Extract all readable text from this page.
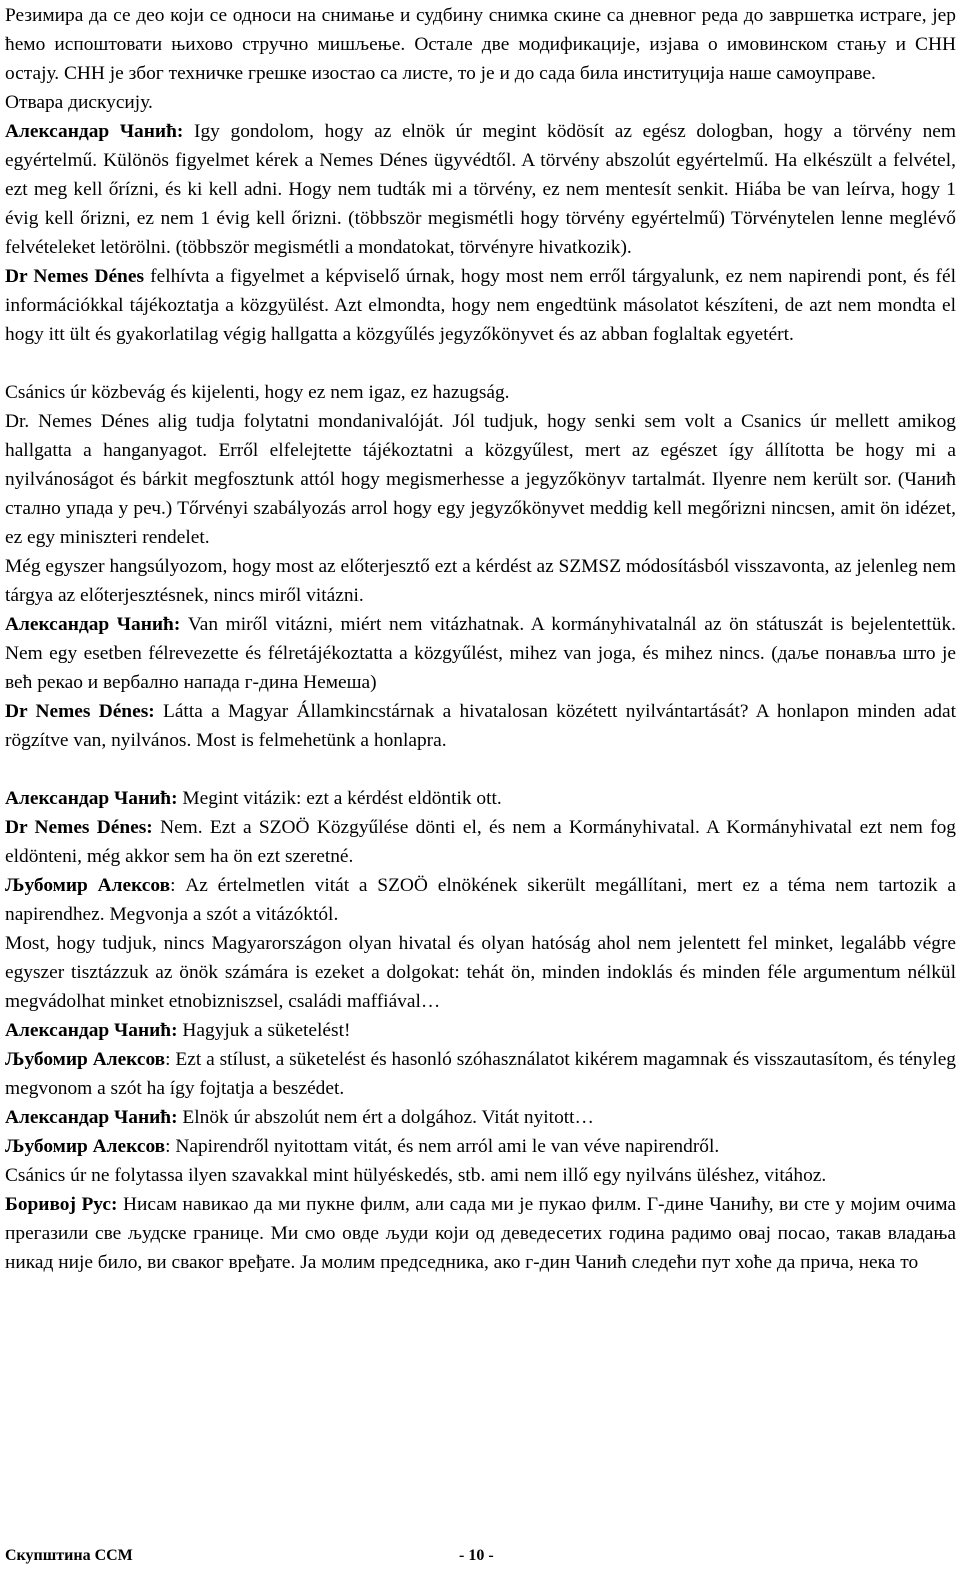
Резимира да се део који се односи на снимање и судбину снимка скине са дневног реда до завршетка истраге, јер ћемо испоштовати њихово стручно мишљење. Остале две модификације, изјава о имовинском стању и СНН остају. СНН је због техничке грешке изостао са листе, то је и до сада била институција наше самоуправе.

Отвара дискусију.

Александар Чанић: Igy gondolom, hogy az elnök úr megint ködösít az egész dologban, hogy a törvény nem egyértelmű. Különös figyelmet kérek a Nemes Dénes ügyvédtől. A törvény abszolút egyértelmű. Ha elkészült a felvétel, ezt meg kell őrízni, és ki kell adni. Hogy nem tudták mi a törvény, ez nem mentesít senkit. Hiába be van leírva, hogy 1 évig kell őrizni, ez nem 1 évig kell őrizni. (többször megismétli hogy törvény egyértelmű) Törvénytelen lenne meglévő felvételeket letörölni. (többször megismétli a mondatokat, törvényre hivatkozik).

Dr Nemes Dénes felhívta a figyelmet a képviselő úrnak, hogy most nem erről tárgyalunk, ez nem napirendi pont, és fél információkkal tájékoztatja a közgyülést. Azt elmondta, hogy nem engedtünk másolatot készíteni, de azt nem mondta el hogy itt ült és gyakorlatilag végig hallgatta a közgyűlés jegyzőkönyvet és az abban foglaltak egyetért.

Csánics úr közbevág és kijelenti, hogy ez nem igaz, ez hazugság.

Dr. Nemes Dénes alig tudja folytatni mondanivalóját. Jól tudjuk, hogy senki sem volt a Csanics úr mellett amikog hallgatta a hanganyagot. Erről elfelejtette tájékoztatni a közgyűlest, mert az egészet így állította be hogy mi a nyilvánoságot és bárkit megfosztunk attól hogy megismerhesse a jegyzőkönyv tartalmát. Ilyenre nem került sor. (Чанић стално упада у реч.) Tőrvényi szabályozás arrol hogy egy jegyzőkönyvet meddig kell megőrizni nincsen, amit ön idézet, ez egy miniszteri rendelet.

Még egyszer hangsúlyozom, hogy most az előterjesztő ezt a kérdést az SZMSZ módosításból visszavonta, az jelenleg nem tárgya az előterjesztésnek, nincs miről vitázni.

Александар Чанић: Van miről vitázni, miért nem vitázhatnak. A kormányhivatalnál az ön státuszát is bejelentettük. Nem egy esetben félrevezette és félretájékoztatta a közgyűlést, mihez van joga, és mihez nincs. (даље понавља што је већ рекао и вербално напада г-дина Немеша)

Dr Nemes Dénes: Látta a Magyar Államkincstárnak a hivatalosan közétett nyilvántartását? A honlapon minden adat rögzítve van, nyilvános. Most is felmehetünk a honlapra.

Александар Чанић: Megint vitázik: ezt a kérdést eldöntik ott.

Dr Nemes Dénes: Nem. Ezt a SZOÖ Közgyűlése dönti el, és nem a Kormányhivatal. A Kormányhivatal ezt nem fog eldönteni, még akkor sem ha ön ezt szeretné.

Љубомир Алексов: Az értelmetlen vitát a SZOÖ elnökének sikerült megállítani, mert ez a téma nem tartozik a napirendhez. Megvonja a szót a vitázóktól.

Most, hogy tudjuk, nincs Magyarországon olyan hivatal és olyan hatóság ahol nem jelentett fel minket, legalább végre egyszer tisztázzuk az önök számára is ezeket a dolgokat: tehát ön, minden indoklás és minden féle argumentum nélkül megvádolhat minket etnobizniszsel, családi maffiával…

Александар Чанић: Hagyjuk a süketelést!

Љубомир Алексов: Ezt a stílust, a süketelést és hasonló szóhasználatot kikérem magamnak és visszautasítom, és tényleg megvonom a szót ha így fojtatja a beszédet.

Александар Чанић: Elnök úr abszolút nem ért a dolgához. Vitát nyitott…

Љубомир Алексов: Napirendről nyitottam vitát, és nem arról ami le van véve napirendről.

Csánics úr ne folytassa ilyen szavakkal mint hülyéskedés, stb. ami nem illő egy nyilváns üléshez, vitához.

Боривој Рус: Нисам навикао да ми пукне филм, али сада ми је пукао филм. Г-дине Чанићу, ви сте у мојим очима прегазили све људске границе. Ми смо овде људи који од деведесетих година радимо овај посао, такав владања никад није било, ви сваког вређате. Ја молим председника, ако г-дин Чанић следећи пут хоће да прича, нека то

Скупштина ССМ	- 10 -
